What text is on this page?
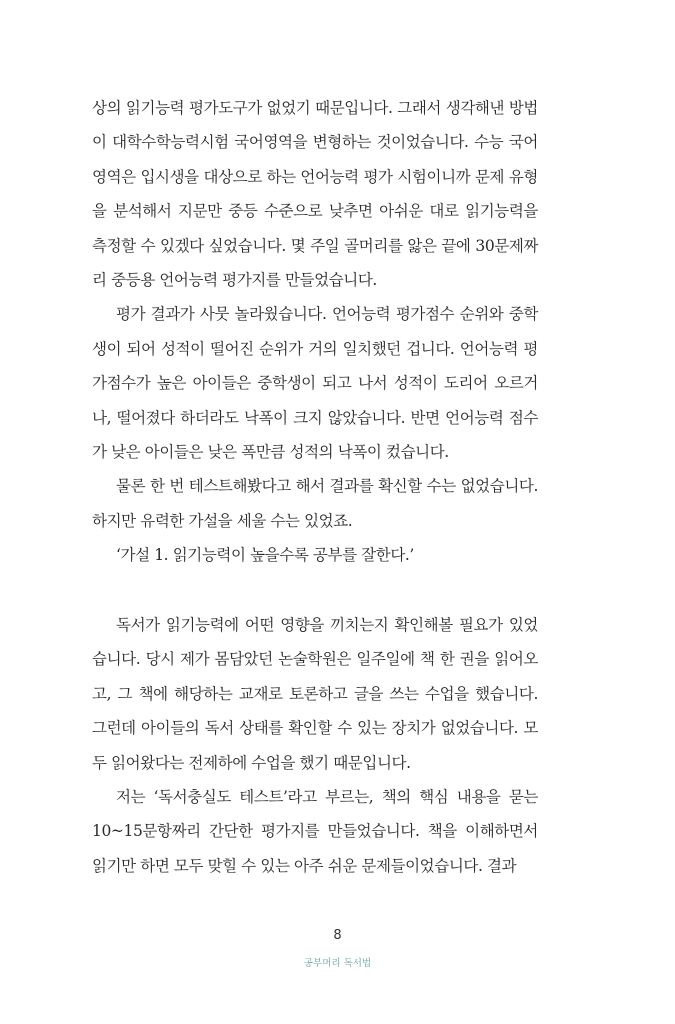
상의 읽기능력 평가도구가 없었기 때문입니다. 그래서 생각해낸 방법이 대학수학능력시험 국어영역을 변형하는 것이었습니다. 수능 국어영역은 입시생을 대상으로 하는 언어능력 평가 시험이니까 문제 유형을 분석해서 지문만 중등 수준으로 낮추면 아쉬운 대로 읽기능력을 측정할 수 있겠다 싶었습니다. 몇 주일 골머리를 앓은 끝에 30문제짜리 중등용 언어능력 평가지를 만들었습니다.

평가 결과가 사뭇 놀라웠습니다. 언어능력 평가점수 순위와 중학생이 되어 성적이 떨어진 순위가 거의 일치했던 겁니다. 언어능력 평가점수가 높은 아이들은 중학생이 되고 나서 성적이 도리어 오르거나, 떨어졌다 하더라도 낙폭이 크지 않았습니다. 반면 언어능력 점수가 낮은 아이들은 낮은 폭만큼 성적의 낙폭이 컸습니다.

물론 한 번 테스트해봤다고 해서 결과를 확신할 수는 없었습니다. 하지만 유력한 가설을 세울 수는 있었죠.

‘가설 1. 읽기능력이 높을수록 공부를 잘한다.’

독서가 읽기능력에 어떤 영향을 끼치는지 확인해볼 필요가 있었습니다. 당시 제가 몸담았던 논술학원은 일주일에 책 한 권을 읽어오고, 그 책에 해당하는 교재로 토론하고 글을 쓰는 수업을 했습니다. 그런데 아이들의 독서 상태를 확인할 수 있는 장치가 없었습니다. 모두 읽어왔다는 전제하에 수업을 했기 때문입니다.

저는 ‘독서충실도 테스트’라고 부르는, 책의 핵심 내용을 묻는 10~15문항짜리 간단한 평가지를 만들었습니다. 책을 이해하면서 읽기만 하면 모두 맞힐 수 있는 아주 쉬운 문제들이었습니다. 결과

8
공부머리 독서법
